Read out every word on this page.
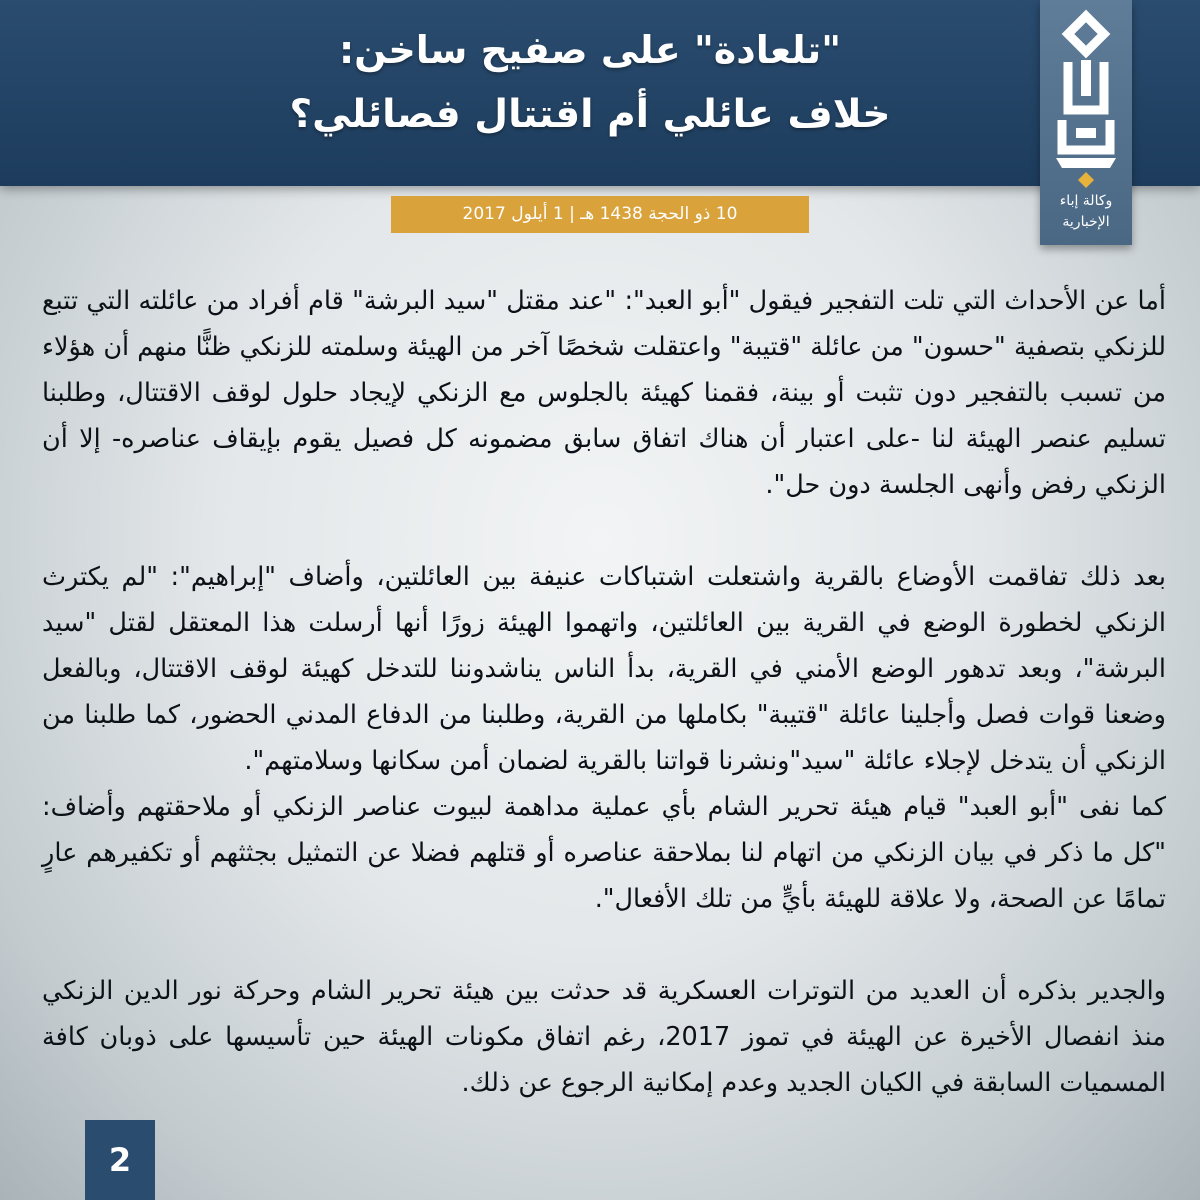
"تلعادة" على صفيح ساخن:
خلاف عائلي أم اقتتال فصائلي؟
وكالة إباء
الإخبارية
10 ذو الحجة 1438 هـ | 1 أيلول 2017

أما عن الأحداث التي تلت التفجير فيقول "أبو العبد": "عند مقتل "سيد البرشة" قام أفراد من عائلته التي تتبع للزنكي بتصفية "حسون" من عائلة "قتيبة" واعتقلت شخصًا آخر من الهيئة وسلمته للزنكي ظنًّا منهم أن هؤلاء من تسبب بالتفجير دون تثبت أو بينة، فقمنا كهيئة بالجلوس مع الزنكي لإيجاد حلول لوقف الاقتتال، وطلبنا تسليم عنصر الهيئة لنا -على اعتبار أن هناك اتفاق سابق مضمونه كل فصيل يقوم بإيقاف عناصره- إلا أن الزنكي رفض وأنهى الجلسة دون حل".

بعد ذلك تفاقمت الأوضاع بالقرية واشتعلت اشتباكات عنيفة بين العائلتين، وأضاف "إبراهيم": "لم يكترث الزنكي لخطورة الوضع في القرية بين العائلتين، واتهموا الهيئة زورًا أنها أرسلت هذا المعتقل لقتل "سيد البرشة"، وبعد تدهور الوضع الأمني في القرية، بدأ الناس يناشدوننا للتدخل كهيئة لوقف الاقتتال، وبالفعل وضعنا قوات فصل وأجلينا عائلة "قتيبة" بكاملها من القرية، وطلبنا من الدفاع المدني الحضور، كما طلبنا من الزنكي أن يتدخل لإجلاء عائلة "سيد"ونشرنا قواتنا بالقرية لضمان أمن سكانها وسلامتهم".

كما نفى "أبو العبد" قيام هيئة تحرير الشام بأي عملية مداهمة لبيوت عناصر الزنكي أو ملاحقتهم وأضاف: "كل ما ذكر في بيان الزنكي من اتهام لنا بملاحقة عناصره أو قتلهم فضلا عن التمثيل بجثثهم أو تكفيرهم عارٍ تمامًا عن الصحة، ولا علاقة للهيئة بأيٍّ من تلك الأفعال".

والجدير بذكره أن العديد من التوترات العسكرية قد حدثت بين هيئة تحرير الشام وحركة نور الدين الزنكي منذ انفصال الأخيرة عن الهيئة في تموز 2017، رغم اتفاق مكونات الهيئة حين تأسيسها على ذوبان كافة المسميات السابقة في الكيان الجديد وعدم إمكانية الرجوع عن ذلك.

2
